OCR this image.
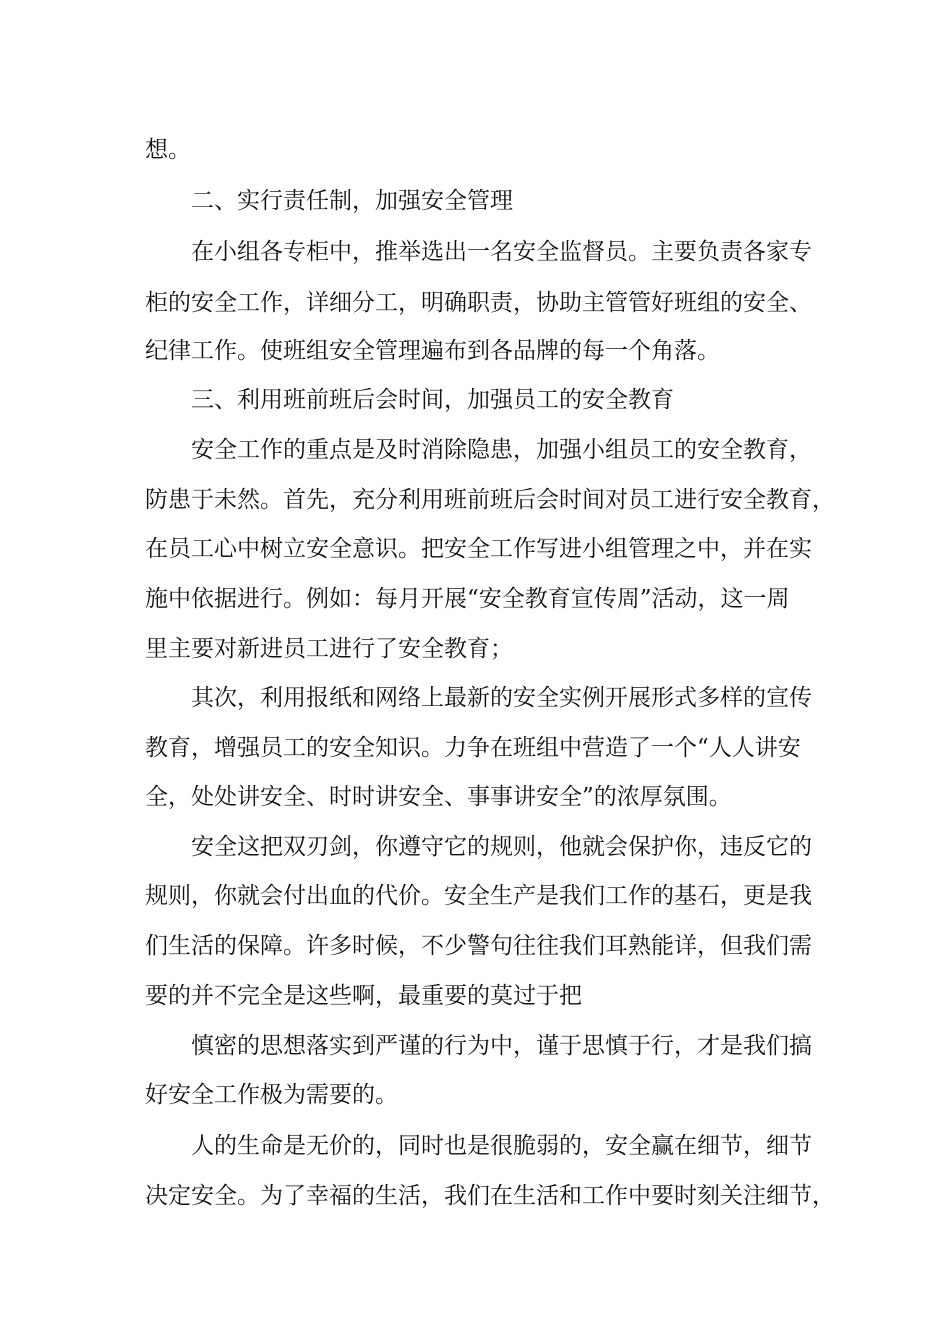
想。
二、实行责任制，加强安全管理
在小组各专柜中，推举选出一名安全监督员。主要负责各家专
柜的安全工作，详细分工，明确职责，协助主管管好班组的安全、
纪律工作。使班组安全管理遍布到各品牌的每一个角落。
三、利用班前班后会时间，加强员工的安全教育
安全工作的重点是及时消除隐患，加强小组员工的安全教育，
防患于未然。首先，充分利用班前班后会时间对员工进行安全教育，
在员工心中树立安全意识。把安全工作写进小组管理之中，并在实
施中依据进行。例如：每月开展“安全教育宣传周”活动，这一周
里主要对新进员工进行了安全教育；
其次，利用报纸和网络上最新的安全实例开展形式多样的宣传
教育，增强员工的安全知识。力争在班组中营造了一个“人人讲安
全，处处讲安全、时时讲安全、事事讲安全”的浓厚氛围。
安全这把双刃剑，你遵守它的规则，他就会保护你，违反它的
规则，你就会付出血的代价。安全生产是我们工作的基石，更是我
们生活的保障。许多时候，不少警句往往我们耳熟能详，但我们需
要的并不完全是这些啊，最重要的莫过于把
慎密的思想落实到严谨的行为中，谨于思慎于行，才是我们搞
好安全工作极为需要的。
人的生命是无价的，同时也是很脆弱的，安全赢在细节，细节
决定安全。为了幸福的生活，我们在生活和工作中要时刻关注细节，
